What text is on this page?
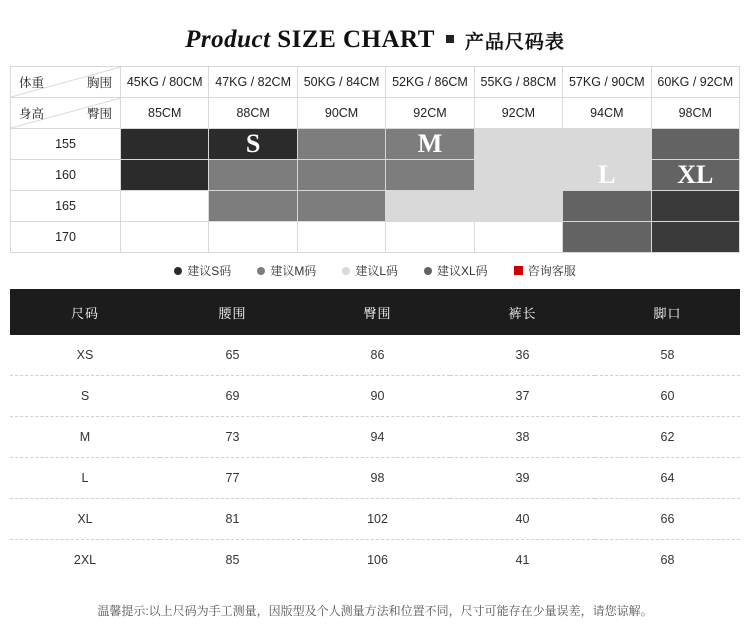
Product SIZE CHART 产品尺码表
体重 胸围	45KG / 80CM	47KG / 82CM	50KG / 84CM	52KG / 86CM	55KG / 88CM	57KG / 90CM	60KG / 92CM

身高 臀围	85CM	88CM	90CM	92CM	92CM	94CM	98CM
155		S		M			
160						L	XL
165							
170							
建议S码	建议M码	建议L码	建议XL码	咨询客服
尺码	腰围	臀围	裤长	脚口
XS	65	86	36	58
S	69	90	37	60
M	73	94	38	62
L	77	98	39	64
XL	81	102	40	66
2XL	85	106	41	68
温馨提示:以上尺码为手工测量，因版型及个人测量方法和位置不同，尺寸可能存在少量误差，请您谅解。
